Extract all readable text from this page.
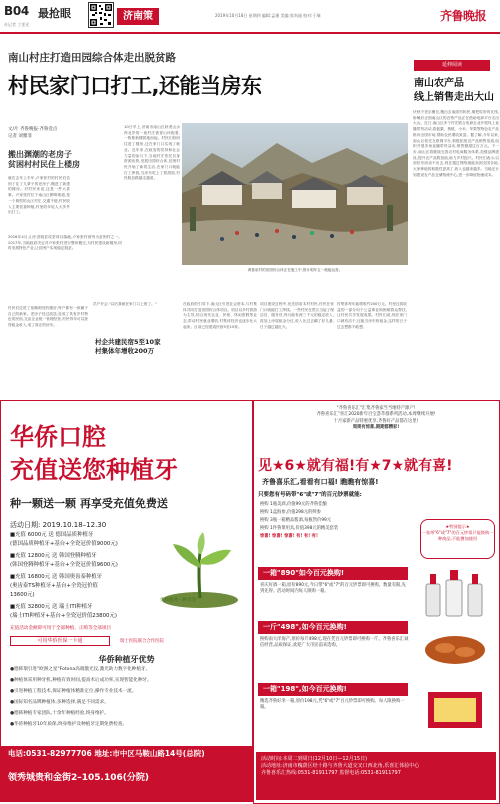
B04 最抢眼
社记者 工雯光
济南策	2019年10月18日 星期四 编辑:孟瑾 美编:张尚迪 校对:于瑞	齐鲁晚报
南山村庄打造田园综合体走出脱贫路
村民家门口打工,还能当房东
文/片 齐鲁晚报·齐鲁壹点
记者 刘雅菲
搬出渊潮的老房子
贫困村村民住上楼房
就在去年上半年,卢家张村的村民们告别了住了几辈子的老房子,搬进了新建的楼房。对村民来说,这是一件大喜事。卢家张村位于南山区柳埠街道,是一个典型的山区村庄,交通不便,村民收入主要依靠种植,村里的年轻人大多外出打工。
2016年4月,山东省脱贫攻坚项目落地,卢家张村被列为贫困村之一。2017年,当地政府决定对卢家张村进行整体搬迁,为村民建设新楼房,同时发展特色产业,让贫困户实现稳定脱贫。
10日早上,济南市南山区卧虎山水库北岸的一座村庄被青山环抱着,一栋栋新楼拔地而起。村民们纷纷住进了楼房,还在家门口实现了就业。近年来,在政府的扶持和社会力量的参与下,当地村庄依托自身资源优势,发展田园综合体,贫困村民开始了新的生活,在家门口就能打工挣钱,当房东吃上了旅游饭,村民脱贫路越走越宽。
黄巷泉村的田园综合体正在施工中,预计明年五一就能运营。
村民们住进了宽敞明亮的楼房,每户都有一套属于自己的新家。老房子经过改造,变成了具有乡村特色的民宿,交由企业统一管理经营,村民每年可以获得租金收入,成了真正的房东。
员户开会,"以后我就在家门口上班了。"
村企共建民宿5至10家
村集体年增收200万
在政府的引导下,南山区引进社会资本,与村集体共同打造田园综合体项目。项目以乡村旅游为主导,结合现代农业、民宿、休闲度假等业态,带动村民就业增收,村集体经济也逐步壮大起来。目前已经建成民宿5至10家。
项目建设过程中,优先招用本村村民,村民在家门口就能打工挣钱。一些村民在景区当起了保洁员、服务员,每月能有两三千元的稳定收入,再加上房屋租金分红,收入比过去翻了好几番,日子越过越红火。
村集体每年能增收约200万元。村里还将收益的一部分用于公益事业和困难群众帮扶,让村民共享发展成果。村民们说,现在家门口就有活干,还能当房东收租金,这样的日子过去想都不敢想。
延伸阅读
南山农产品
线上销售走出大山
伏秋不老乐栅瓦,搬出去南面村和民,瓒把粒所的瓦栈,盼嗓后正面南山区的农特产品正在借助电商平台走出大山。近日,南山区多个村庄联合电商企业开展线上直播带货活动,将板栗、核桃、小米、苹果等特色农产品推向全国市场,帮助农民增收致富。据了解,今年以来,南山区依托互联网平台,积极拓宽农产品销售渠道,组织开展多场直播带货活动,销售额超过百万元。下一步,南山区将继续完善农村电商服务体系,加强品牌建设,提升农产品附加值,助力乡村振兴。村民们表示,以前好东西卖不出去,现在通过网络就能卖到全国各地,大家种地的积极性更高了,收入也越来越多。当地还计划建设农产品仓储物流中心,进一步降低物流成本。
华侨口腔
充值送您种植牙
种一颗送一颗 再享受充值免费送
活动日期: 2019.10.18–12.30
■充值 6000元 送 德国品质种植牙
(德国品质种植牙+基台+全瓷冠价值9000元)
■充值 12800元 送 韩国登腾种植牙
(韩国登腾种植牙+基台+全瓷冠价值9600元)
■充值 16800元 送 韩国奥齿泰种植牙
(奥齿泰TS种植牙+基台+全瓷冠价值
13600元)
■充值 32800元 送 瑞士ITI种植牙
(瑞士ITI种植牙+基台+全瓷冠价值23800元)
优质服务一种享受
充值活动金额即可用于全部种植、正畸等全部项目
可用华侨医保一卡通	瑞士医院联合合作医院
华侨种植牙优势
●德韩瑞引进"欧洲之星"Fotona高端激光仪,激光助力数字化种植牙。
●种植体采用种牙机,种植有效时间,提高术后成功率,实现智能化种牙。
●引进种植工程技术,保证种植体精准定位,操作专业技术一流。
●国际知名品牌种植体,多种选择,满足不同需求。
●德韩种植专家团队,十余年种植经验,终身维护。
●华侨种植牙10年质保,终身维护及种植牙定期免费检查。
电话:0531-82977706 地址:市中区马鞍山路14号(总院)
领秀城贵和金街2–105.106(分院)
"齐鲁喜乐汇"汇集齐鲁家当当地特产源产!
齐鲁喜乐汇"喜汇2020新年百宝荟萃群系列活动,本周继续开展!
十月家新产品特惠优享,齐鲁好产品都在这里!
周周有惊喜,期期都精彩!
见★6★就有福!有★7★就有喜!
齐鲁喜乐汇,看看有口福! 瞧瞧有惊喜!
只要您有号码带"6"或"7"的百元钞票就能:
换购 1瓶美酒,价值99元的齐鲁佳酿
换购 1盒海参,价值298元的鲜参
换购 3瓶一箱精品酱酒,每瓶售价99元
换购 1件鲁菜用具,价值398元的精美套装
惊喜! 惊喜! 惊喜! 有! 有! 有!
★特别提示★
一张带"6"或"7"的百元钞票只能换购一种商品,不能叠加使用
一箱"890"如今百元换购!
喜庆好酒一箱,原价890元,今日带"6"或"7"的百元钞票即可换购。数量有限,先到先得。活动时间内每人限购一箱。
一斤"498",如今百元换购!
换购南大洋海产,原价每斤498元,现在凭百元钞票即可换购一斤。齐鲁喜乐汇诚信经营,品质保证,欢迎广大市民前来选购。
一箱"198",如今百元换购!
精选齐鲁好米一箱,原价198元,凭"6"或"7"百元钞票即可换购。每人限换购一箱。
活动时间:本周二到周日(12月10日—12月15日)
活动地址:济南市槐荫区经十路与齐鲁大道交叉口西北角,乐喜汇体验中心
齐鲁喜乐汇热线:0531-81911797 监督电话:0531-81911797
